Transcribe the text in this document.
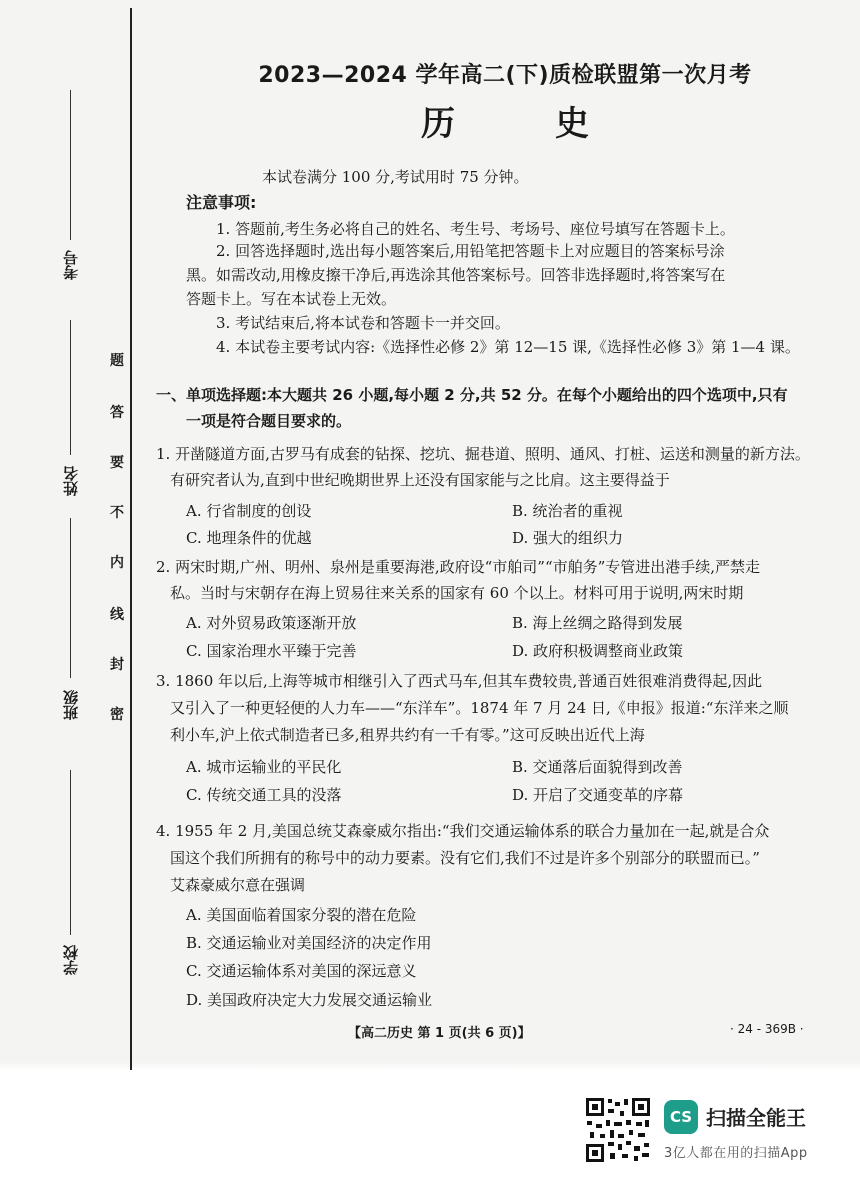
考号
姓名
班级
学校
题
答
要
不
内
线
封
密
2023—2024 学年高二(下)质检联盟第一次月考
历史
本试卷满分 100 分,考试用时 75 分钟。
注意事项:
1. 答题前,考生务必将自己的姓名、考生号、考场号、座位号填写在答题卡上。
2. 回答选择题时,选出每小题答案后,用铅笔把答题卡上对应题目的答案标号涂
黑。如需改动,用橡皮擦干净后,再选涂其他答案标号。回答非选择题时,将答案写在
答题卡上。写在本试卷上无效。
3. 考试结束后,将本试卷和答题卡一并交回。
4. 本试卷主要考试内容:《选择性必修 2》第 12—15 课,《选择性必修 3》第 1—4 课。
一、单项选择题:本大题共 26 小题,每小题 2 分,共 52 分。在每个小题给出的四个选项中,只有
一项是符合题目要求的。
1. 开凿隧道方面,古罗马有成套的钻探、挖坑、掘巷道、照明、通风、打桩、运送和测量的新方法。
有研究者认为,直到中世纪晚期世界上还没有国家能与之比肩。这主要得益于
A. 行省制度的创设	B. 统治者的重视
C. 地理条件的优越	D. 强大的组织力
2. 两宋时期,广州、明州、泉州是重要海港,政府设“市舶司”“市舶务”专管进出港手续,严禁走
私。当时与宋朝存在海上贸易往来关系的国家有 60 个以上。材料可用于说明,两宋时期
A. 对外贸易政策逐渐开放	B. 海上丝绸之路得到发展
C. 国家治理水平臻于完善	D. 政府积极调整商业政策
3. 1860 年以后,上海等城市相继引入了西式马车,但其车费较贵,普通百姓很难消费得起,因此
又引入了一种更轻便的人力车——“东洋车”。1874 年 7 月 24 日,《申报》报道:“东洋来之顺
利小车,沪上依式制造者已多,租界共约有一千有零。”这可反映出近代上海
A. 城市运输业的平民化	B. 交通落后面貌得到改善
C. 传统交通工具的没落	D. 开启了交通变革的序幕
4. 1955 年 2 月,美国总统艾森豪威尔指出:“我们交通运输体系的联合力量加在一起,就是合众
国这个我们所拥有的称号中的动力要素。没有它们,我们不过是许多个别部分的联盟而已。”
艾森豪威尔意在强调
A. 美国面临着国家分裂的潜在危险
B. 交通运输业对美国经济的决定作用
C. 交通运输体系对美国的深远意义
D. 美国政府决定大力发展交通运输业
【高二历史 第 1 页(共 6 页)】	· 24 - 369B ·
CS 扫描全能王
3亿人都在用的扫描App
